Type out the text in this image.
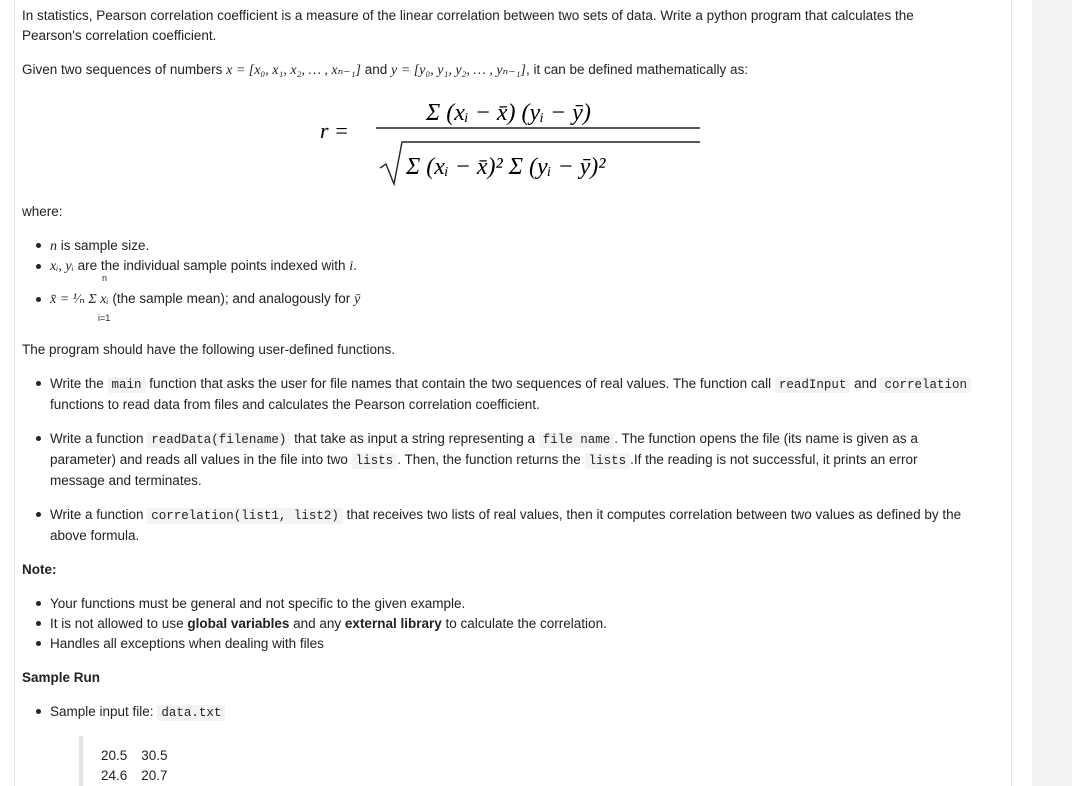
In statistics, Pearson correlation coefficient is a measure of the linear correlation between two sets of data. Write a python program that calculates the
Pearson's correlation coefficient.
Given two sequences of numbers x = [x₀, x₁, x₂, … , xₙ₋₁] and y = [y₀, y₁, y₂, … , yₙ₋₁], it can be defined mathematically as:
r =
Σ (xᵢ − x̄) (yᵢ − ȳ)
Σ (xᵢ − x̄)² Σ (yᵢ − ȳ)²
where:
n is sample size.
xᵢ, yᵢ are the individual sample points indexed with i.
x̄ = ¹⁄ₙ Σ xᵢ (the sample mean); and analogously for ȳ
n
i=1
The program should have the following user-defined functions.
Write the main function that asks the user for file names that contain the two sequences of real values. The function call readInput and correlation
functions to read data from files and calculates the Pearson correlation coefficient.
Write a function readData(filename) that take as input a string representing a file name . The function opens the file (its name is given as a
parameter) and reads all values in the file into two lists . Then, the function returns the lists .If the reading is not successful, it prints an error
message and terminates.
Write a function correlation(list1, list2) that receives two lists of real values, then it computes correlation between two values as defined by the
above formula.
Note:
Your functions must be general and not specific to the given example.
It is not allowed to use global variables and any external library to calculate the correlation.
Handles all exceptions when dealing with files
Sample Run
Sample input file: data.txt
20.5 30.5
24.6 20.7
